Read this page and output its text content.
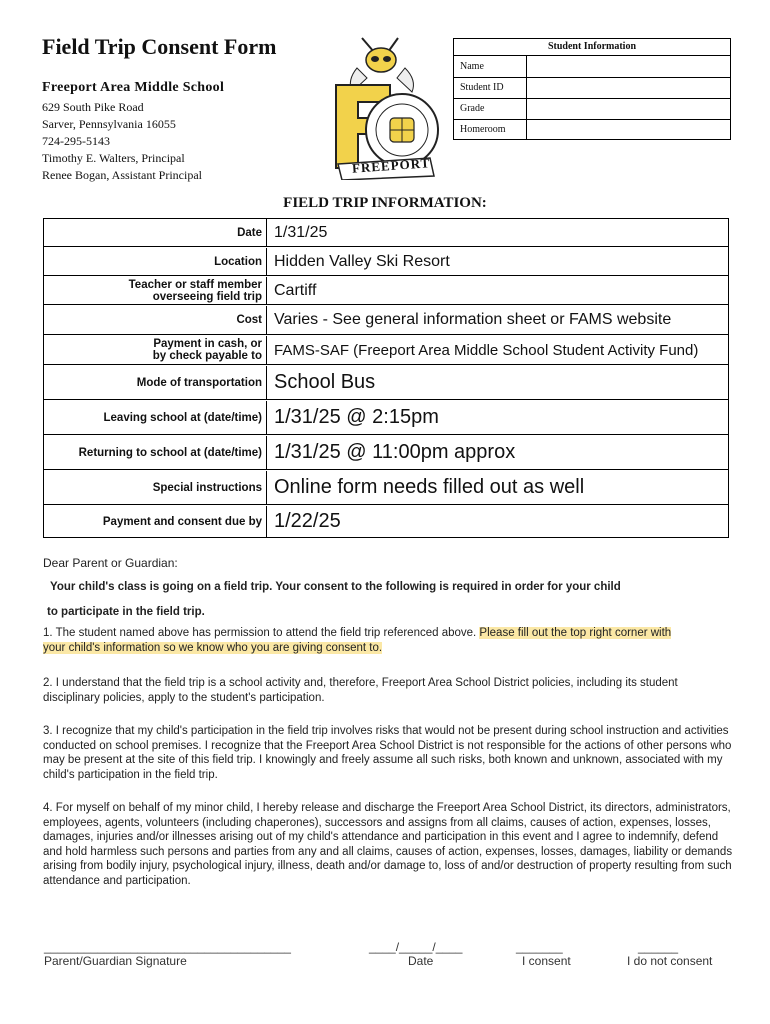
Field Trip Consent Form
Freeport Area Middle School
629 South Pike Road
Sarver, Pennsylvania 16055
724-295-5143
Timothy E. Walters, Principal
Renee Bogan, Assistant Principal	FREEPORT
Student Information
Name
Student ID
Grade
Homeroom
FIELD TRIP INFORMATION:
Date 1/31/25
Location Hidden Valley Ski Resort
Teacher or staff member
overseeing field trip Cartiff
Cost Varies - See general information sheet or FAMS website
Payment in cash, or
by check payable to FAMS-SAF (Freeport Area Middle School Student Activity Fund)
Mode of transportation School Bus
Leaving school at (date/time) 1/31/25 @ 2:15pm
Returning to school at (date/time) 1/31/25 @ 11:00pm approx
Special instructions Online form needs filled out as well
Payment and consent due by 1/22/25
Dear Parent or Guardian:
Your child's class is going on a field trip. Your consent to the following is required in order for your child
to participate in the field trip.
1. The student named above has permission to attend the field trip referenced above. Please fill out the top right corner with
your child's information so we know who you are giving consent to.
2. I understand that the field trip is a school activity and, therefore, Freeport Area School District policies, including its student disciplinary policies, apply to the student's participation.
3. I recognize that my child's participation in the field trip involves risks that would not be present during school instruction and activities conducted on school premises. I recognize that the Freeport Area School District is not responsible for the actions of other persons who may be present at the site of this field trip. I knowingly and freely assume all such risks, both known and unknown, associated with my child's participation in the field trip.
4. For myself on behalf of my minor child, I hereby release and discharge the Freeport Area School District, its directors, administrators, employees, agents, volunteers (including chaperones), successors and assigns from all claims, causes of action, expenses, losses, damages, injuries and/or illnesses arising out of my child's attendance and participation in this event and I agree to indemnify, defend and hold harmless such persons and parties from any and all claims, causes of action, expenses, losses, damages, liability or demands arising from bodily injury, psychological injury, illness, death and/or damage to, loss of and/or destruction of property resulting from such attendance and participation.
_____________________________________
Parent/Guardian Signature
____/_____/____
Date
_______
I consent
______
I do not consent
